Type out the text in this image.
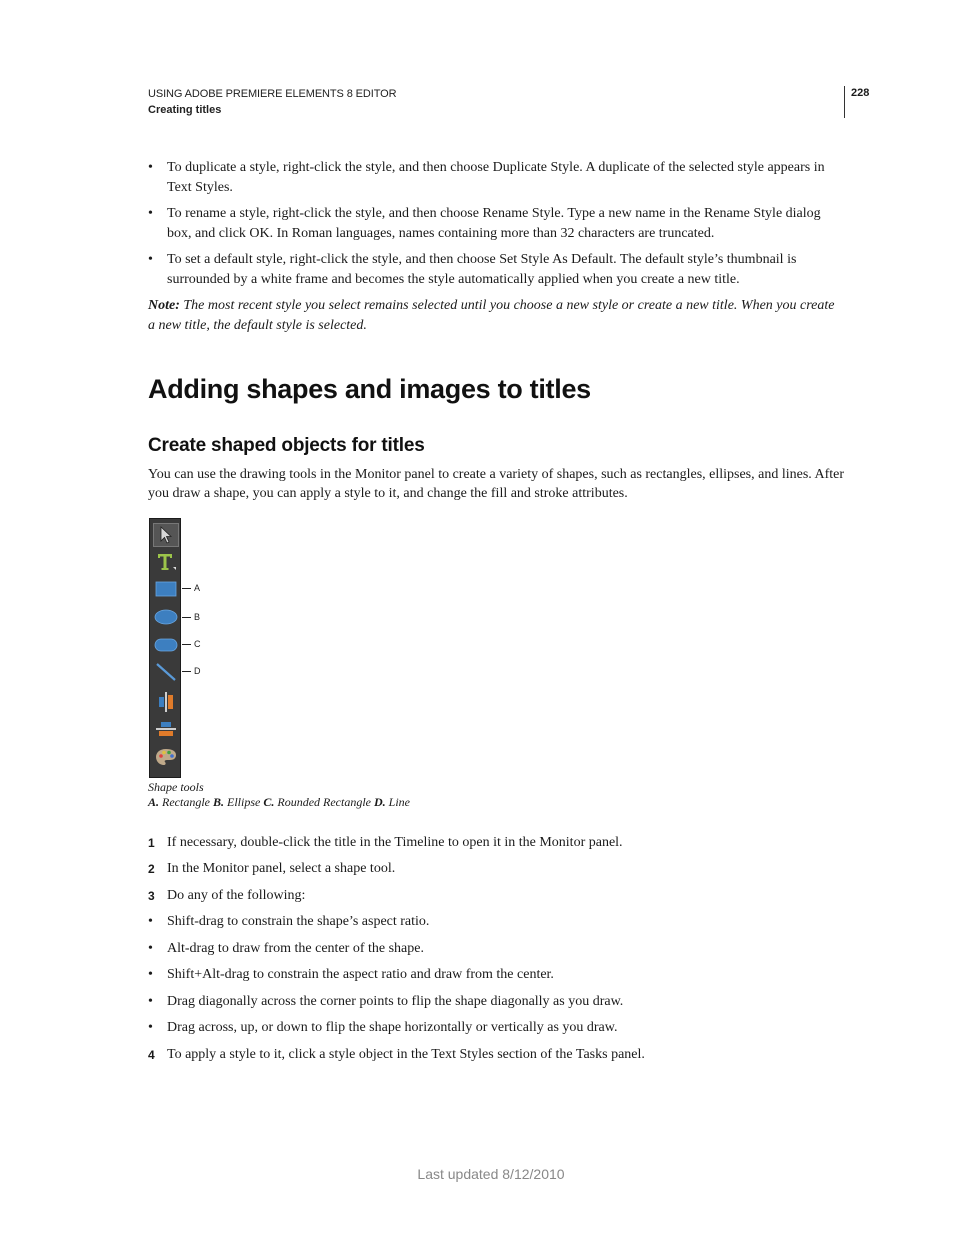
USING ADOBE PREMIERE ELEMENTS 8 EDITOR
Creating titles
228
•	To duplicate a style, right-click the style, and then choose Duplicate Style. A duplicate of the selected style appears in Text Styles.
•	To rename a style, right-click the style, and then choose Rename Style. Type a new name in the Rename Style dialog box, and click OK. In Roman languages, names containing more than 32 characters are truncated.
•	To set a default style, right-click the style, and then choose Set Style As Default. The default style’s thumbnail is surrounded by a white frame and becomes the style automatically applied when you create a new title.
Note: The most recent style you select remains selected until you choose a new style or create a new title. When you create a new title, the default style is selected.
Adding shapes and images to titles
Create shaped objects for titles
You can use the drawing tools in the Monitor panel to create a variety of shapes, such as rectangles, ellipses, and lines. After you draw a shape, you can apply a style to it, and change the fill and stroke attributes.
A
B
C
D
Shape tools
A. Rectangle B. Ellipse C. Rounded Rectangle D. Line
1 If necessary, double-click the title in the Timeline to open it in the Monitor panel.
2 In the Monitor panel, select a shape tool.
3 Do any of the following:
•	Shift-drag to constrain the shape’s aspect ratio.
•	Alt-drag to draw from the center of the shape.
•	Shift+Alt-drag to constrain the aspect ratio and draw from the center.
•	Drag diagonally across the corner points to flip the shape diagonally as you draw.
•	Drag across, up, or down to flip the shape horizontally or vertically as you draw.
4 To apply a style to it, click a style object in the Text Styles section of the Tasks panel.
Last updated 8/12/2010
